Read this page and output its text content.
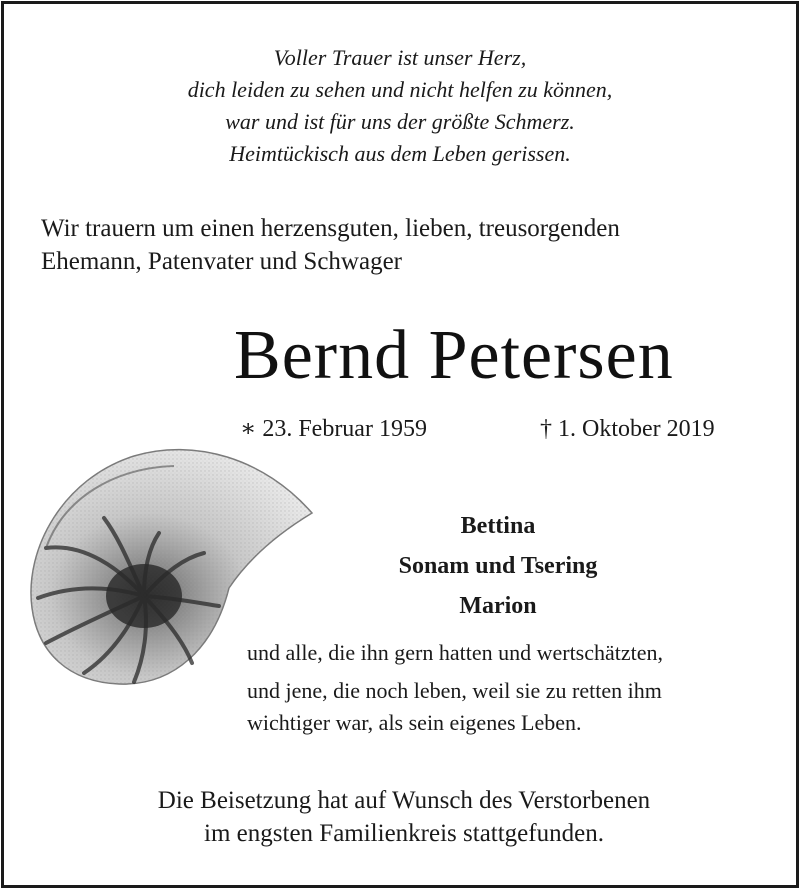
Voller Trauer ist unser Herz,
dich leiden zu sehen und nicht helfen zu können,
war und ist für uns der größte Schmerz.
Heimtückisch aus dem Leben gerissen.
Wir trauern um einen herzensguten, lieben, treusorgenden
Ehemann, Patenvater und Schwager
Bernd Petersen
∗ 23. Februar 1959	† 1. Oktober 2019
Bettina
Sonam und Tsering
Marion
und alle, die ihn gern hatten und wertschätzten,
und jene, die noch leben, weil sie zu retten ihm
wichtiger war, als sein eigenes Leben.
Die Beisetzung hat auf Wunsch des Verstorbenen
im engsten Familienkreis stattgefunden.
